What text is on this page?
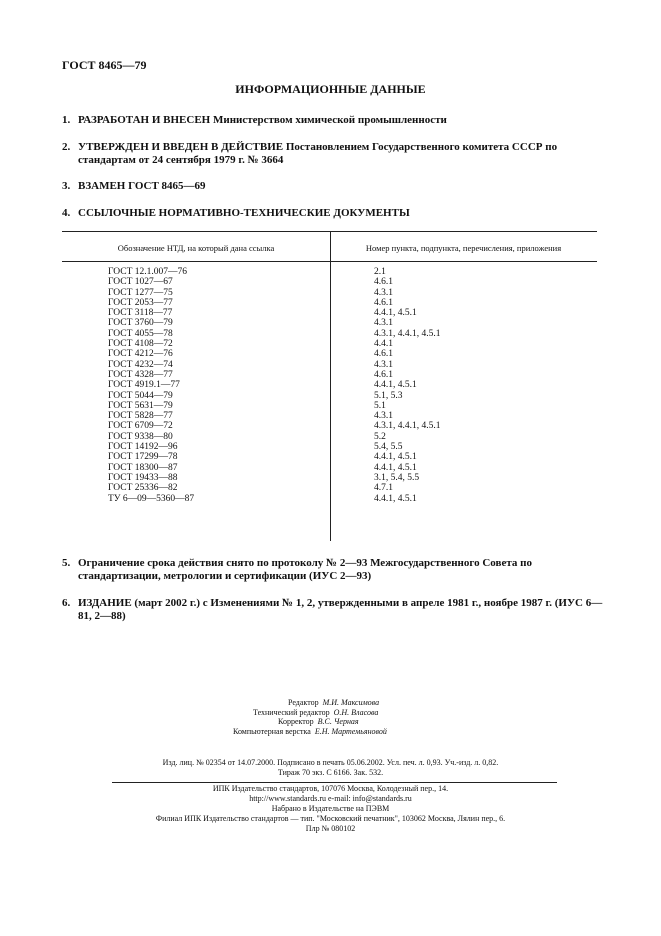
ГОСТ 8465—79
ИНФОРМАЦИОННЫЕ ДАННЫЕ
1. РАЗРАБОТАН И ВНЕСЕН Министерством химической промышленности
2. УТВЕРЖДЕН И ВВЕДЕН В ДЕЙСТВИЕ Постановлением Государственного комитета СССР по стандартам от 24 сентября 1979 г. № 3664
3. ВЗАМЕН ГОСТ 8465—69
4. ССЫЛОЧНЫЕ НОРМАТИВНО-ТЕХНИЧЕСКИЕ ДОКУМЕНТЫ
Обозначение НТД, на который дана ссылка	Номер пункта, подпункта, перечисления, приложения
ГОСТ 12.1.007—76	2.1
ГОСТ 1027—67	4.6.1
ГОСТ 1277—75	4.3.1
ГОСТ 2053—77	4.6.1
ГОСТ 3118—77	4.4.1, 4.5.1
ГОСТ 3760—79	4.3.1
ГОСТ 4055—78	4.3.1, 4.4.1, 4.5.1
ГОСТ 4108—72	4.4.1
ГОСТ 4212—76	4.6.1
ГОСТ 4232—74	4.3.1
ГОСТ 4328—77	4.6.1
ГОСТ 4919.1—77	4.4.1, 4.5.1
ГОСТ 5044—79	5.1, 5.3
ГОСТ 5631—79	5.1
ГОСТ 5828—77	4.3.1
ГОСТ 6709—72	4.3.1, 4.4.1, 4.5.1
ГОСТ 9338—80	5.2
ГОСТ 14192—96	5.4, 5.5
ГОСТ 17299—78	4.4.1, 4.5.1
ГОСТ 18300—87	4.4.1, 4.5.1
ГОСТ 19433—88	3.1, 5.4, 5.5
ГОСТ 25336—82	4.7.1
ТУ 6—09—5360—87	4.4.1, 4.5.1
5. Ограничение срока действия снято по протоколу № 2—93 Межгосударственного Совета по стандартизации, метрологии и сертификации (ИУС 2—93)
6. ИЗДАНИЕ (март 2002 г.) с Изменениями № 1, 2, утвержденными в апреле 1981 г., ноябре 1987 г. (ИУС 6—81, 2—88)
Редактор М.И. Максимова
Технический редактор О.Н. Власова
Корректор В.С. Черная
Компьютерная верстка Е.Н. Мартемьяновой
Изд. лиц. № 02354 от 14.07.2000. Подписано в печать 05.06.2002. Усл. печ. л. 0,93. Уч.-изд. л. 0,82.
Тираж 70 экз. С 6166. Зак. 532.
ИПК Издательство стандартов, 107076 Москва, Колодезный пер., 14.
http://www.standards.ru e-mail: info@standards.ru
Набрано в Издательстве на ПЭВМ
Филиал ИПК Издательство стандартов — тип. "Московский печатник", 103062 Москва, Лялин пер., 6.
Плр № 080102
